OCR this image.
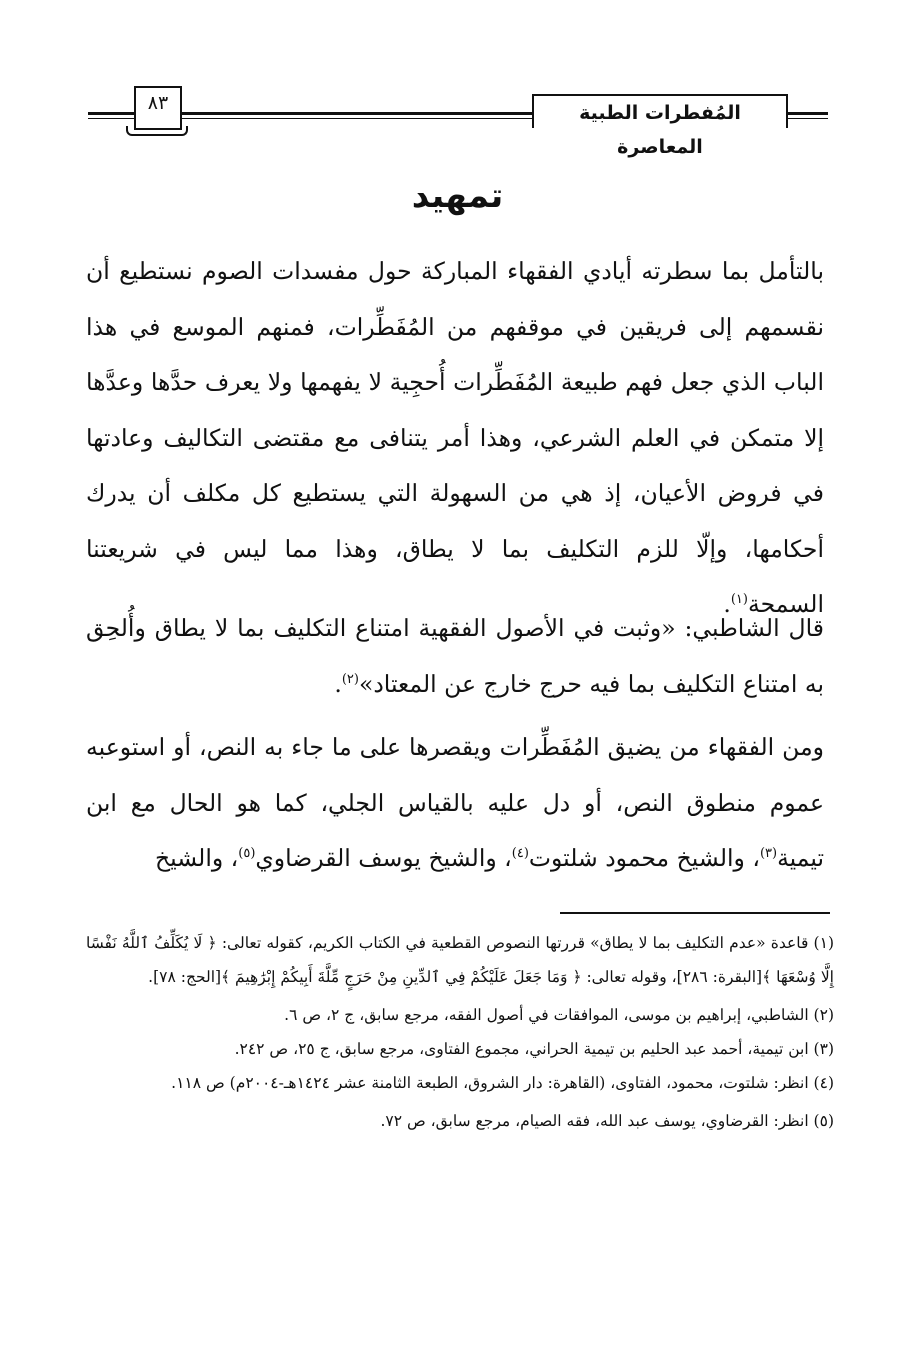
المُفطرات الطبية المعاصرة
٨٣
تمهيد

بالتأمل بما سطرته أيادي الفقهاء المباركة حول مفسدات الصوم نستطيع أن نقسمهم إلى فريقين في موقفهم من المُفَطِّرات، فمنهم الموسع في هذا الباب الذي جعل فهم طبيعة المُفَطِّرات أُحجِية لا يفهمها ولا يعرف حدَّها وعدَّها إلا متمكن في العلم الشرعي، وهذا أمر يتنافى مع مقتضى التكاليف وعادتها في فروض الأعيان، إذ هي من السهولة التي يستطيع كل مكلف أن يدرك أحكامها، وإلّا للزم التكليف بما لا يطاق، وهذا مما ليس في شريعتنا السمحة$^{(١)}$.

قال الشاطبي: «وثبت في الأصول الفقهية امتناع التكليف بما لا يطاق وأُلحِق به امتناع التكليف بما فيه حرج خارج عن المعتاد»$^{(٢)}$.

ومن الفقهاء من يضيق المُفَطِّرات ويقصرها على ما جاء به النص، أو استوعبه عموم منطوق النص، أو دل عليه بالقياس الجلي، كما هو الحال مع ابن تيمية$^{(٣)}$، والشيخ محمود شلتوت$^{(٤)}$، والشيخ يوسف القرضاوي$^{(٥)}$، والشيخ

(١) قاعدة «عدم التكليف بما لا يطاق» قررتها النصوص القطعية في الكتاب الكريم، كقوله تعالى: ﴿ لَا يُكَلِّفُ ٱللَّهُ نَفْسًا إِلَّا وُسْعَهَا ﴾[البقرة: ٢٨٦]، وقوله تعالى: ﴿ وَمَا جَعَلَ عَلَيْكُمْ فِي ٱلدِّينِ مِنْ حَرَجٍ مِّلَّةَ أَبِيكُمْ إِبْرَٰهِيمَ ﴾[الحج: ٧٨].

(٢) الشاطبي، إبراهيم بن موسى، الموافقات في أصول الفقه، مرجع سابق، ج ٢، ص ٦.

(٣) ابن تيمية، أحمد عبد الحليم بن تيمية الحراني، مجموع الفتاوى، مرجع سابق، ج ٢٥، ص ٢٤٢.

(٤) انظر: شلتوت، محمود، الفتاوى، (القاهرة: دار الشروق، الطبعة الثامنة عشر ١٤٢٤هـ-٢٠٠٤م) ص ١١٨.

(٥) انظر: القرضاوي، يوسف عبد الله، فقه الصيام، مرجع سابق، ص ٧٢.
